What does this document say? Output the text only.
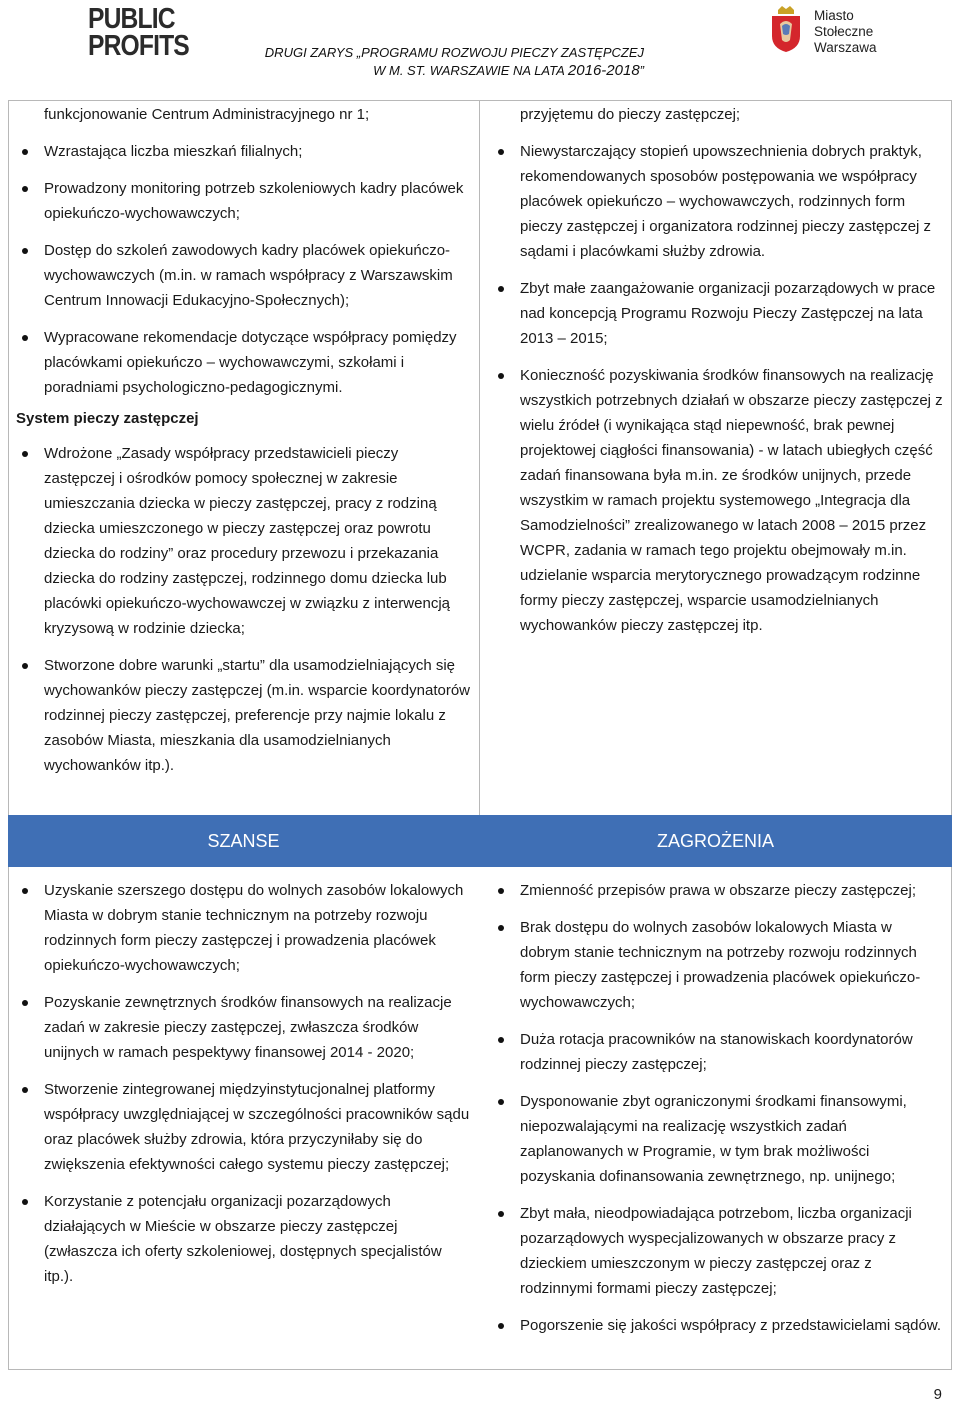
PUBLIC
PROFITS	DRUGI ZARYS „PROGRAMU ROZWOJU PIECZY ZASTĘPCZEJ
W M. ST. WARSZAWIE NA LATA 2016-2018”
Miasto
Stołeczne
Warszawa
funkcjonowanie Centrum Administracyjnego nr 1;
Wzrastająca liczba mieszkań filialnych;
Prowadzony monitoring potrzeb szkoleniowych kadry placówek opiekuńczo-wychowawczych;
Dostęp do szkoleń zawodowych kadry placówek opiekuńczo-wychowawczych (m.in. w ramach współpracy z Warszawskim Centrum Innowacji Edukacyjno-Społecznych);
Wypracowane rekomendacje dotyczące współpracy pomiędzy placówkami opiekuńczo – wychowawczymi, szkołami i poradniami psychologiczno-pedagogicznymi.
System pieczy zastępczej
Wdrożone „Zasady współpracy przedstawicieli pieczy zastępczej i ośrodków pomocy społecznej w zakresie umieszczania dziecka w pieczy zastępczej, pracy z rodziną dziecka umieszczonego w pieczy zastępczej oraz powrotu dziecka do rodziny” oraz procedury przewozu i przekazania dziecka do rodziny zastępczej, rodzinnego domu dziecka lub placówki opiekuńczo-wychowawczej w związku z interwencją kryzysową w rodzinie dziecka;
Stworzone dobre warunki „startu” dla usamodzielniających się wychowanków pieczy zastępczej (m.in. wsparcie koordynatorów rodzinnej pieczy zastępczej, preferencje przy najmie lokalu z zasobów Miasta, mieszkania dla usamodzielnianych wychowanków itp.).
przyjętemu do pieczy zastępczej;
Niewystarczający stopień upowszechnienia dobrych praktyk, rekomendowanych sposobów postępowania we współpracy placówek opiekuńczo – wychowawczych, rodzinnych form pieczy zastępczej i organizatora rodzinnej pieczy zastępczej z sądami i placówkami służby zdrowia.
Zbyt małe zaangażowanie organizacji pozarządowych w prace nad koncepcją Programu Rozwoju Pieczy Zastępczej na lata 2013 – 2015;
Konieczność pozyskiwania środków finansowych na realizację wszystkich potrzebnych działań w obszarze pieczy zastępczej z wielu źródeł (i wynikająca stąd niepewność, brak pewnej projektowej ciągłości finansowania) - w latach ubiegłych część zadań finansowana była m.in. ze środków unijnych, przede wszystkim w ramach projektu systemowego „Integracja dla Samodzielności” zrealizowanego w latach 2008 – 2015 przez WCPR, zadania w ramach tego projektu obejmowały m.in. udzielanie wsparcia merytorycznego prowadzącym rodzinne formy pieczy zastępczej, wsparcie usamodzielnianych wychowanków pieczy zastępczej itp.
SZANSE	ZAGROŻENIA
Uzyskanie szerszego dostępu do wolnych zasobów lokalowych Miasta w dobrym stanie technicznym na potrzeby rozwoju rodzinnych form pieczy zastępczej i prowadzenia placówek opiekuńczo-wychowawczych;
Pozyskanie zewnętrznych środków finansowych na realizacje zadań w zakresie pieczy zastępczej, zwłaszcza środków unijnych w ramach pespektywy finansowej 2014 - 2020;
Stworzenie zintegrowanej międzyinstytucjonalnej platformy współpracy uwzględniającej w szczególności pracowników sądu oraz placówek służby zdrowia, która przyczyniłaby się do zwiększenia efektywności całego systemu pieczy zastępczej;
Korzystanie z potencjału organizacji pozarządowych działających w Mieście w obszarze pieczy zastępczej (zwłaszcza ich oferty szkoleniowej, dostępnych specjalistów itp.).
Zmienność przepisów prawa w obszarze pieczy zastępczej;
Brak dostępu do wolnych zasobów lokalowych Miasta w dobrym stanie technicznym na potrzeby rozwoju rodzinnych form pieczy zastępczej i prowadzenia placówek opiekuńczo-wychowawczych;
Duża rotacja pracowników na stanowiskach koordynatorów rodzinnej pieczy zastępczej;
Dysponowanie zbyt ograniczonymi środkami finansowymi, niepozwalającymi na realizację wszystkich zadań zaplanowanych w Programie, w tym brak możliwości pozyskania dofinansowania zewnętrznego, np. unijnego;
Zbyt mała, nieodpowiadająca potrzebom, liczba organizacji pozarządowych wyspecjalizowanych w obszarze pracy z dzieckiem umieszczonym w pieczy zastępczej oraz z rodzinnymi formami pieczy zastępczej;
Pogorszenie się jakości współpracy z przedstawicielami sądów.
9
